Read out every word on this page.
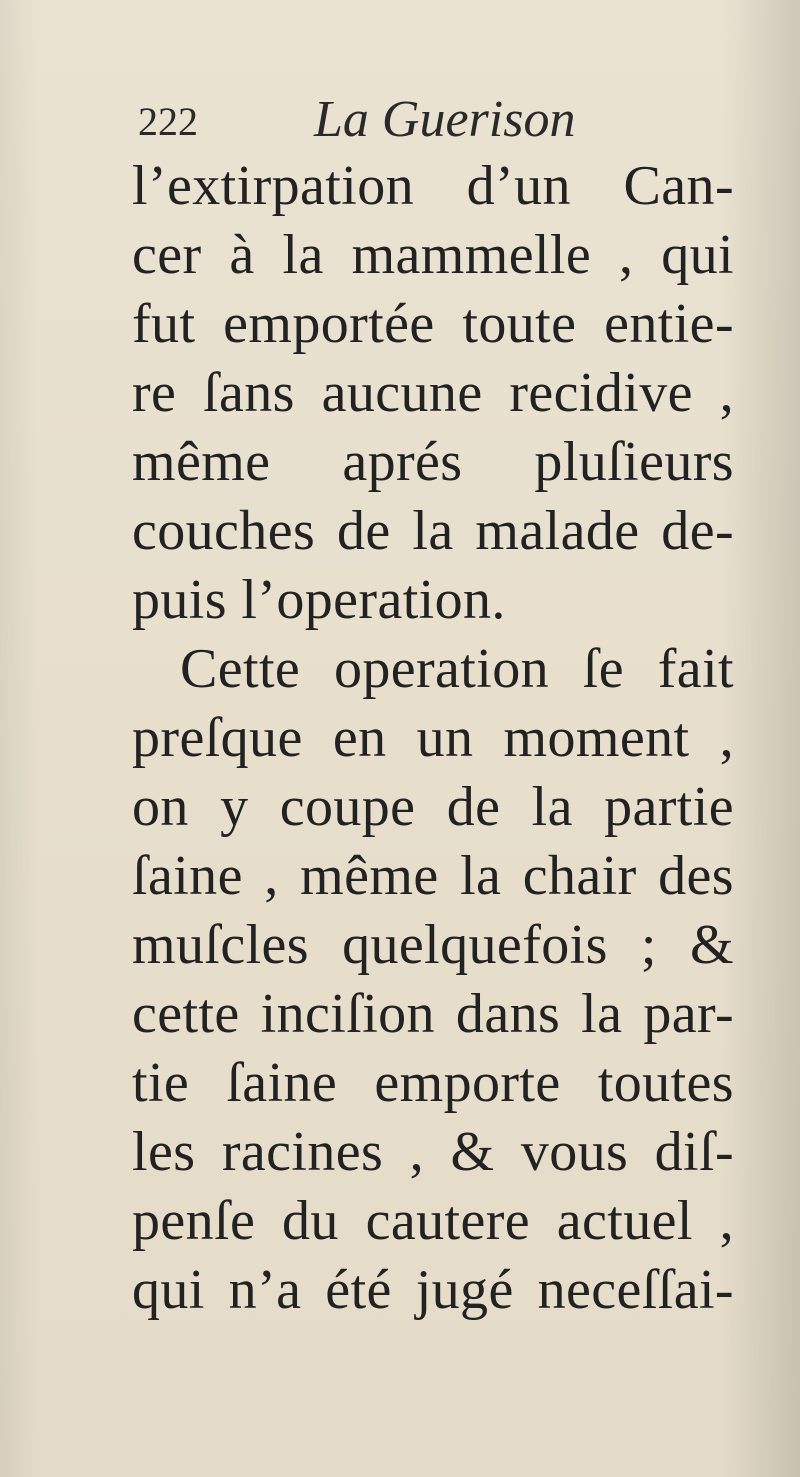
222 La Guerison
l’extirpation d’un Can-
cer à la mammelle , qui
fut emportée toute entie-
re ſans aucune recidive ,
même aprés pluſieurs
couches de la malade de-
puis l’operation.
Cette operation ſe fait
preſque en un moment ,
on y coupe de la partie
ſaine , même la chair des
muſcles quelquefois ; &
cette inciſion dans la par-
tie ſaine emporte toutes
les racines , & vous diſ-
penſe du cautere actuel ,
qui n’a été jugé neceſſai-
